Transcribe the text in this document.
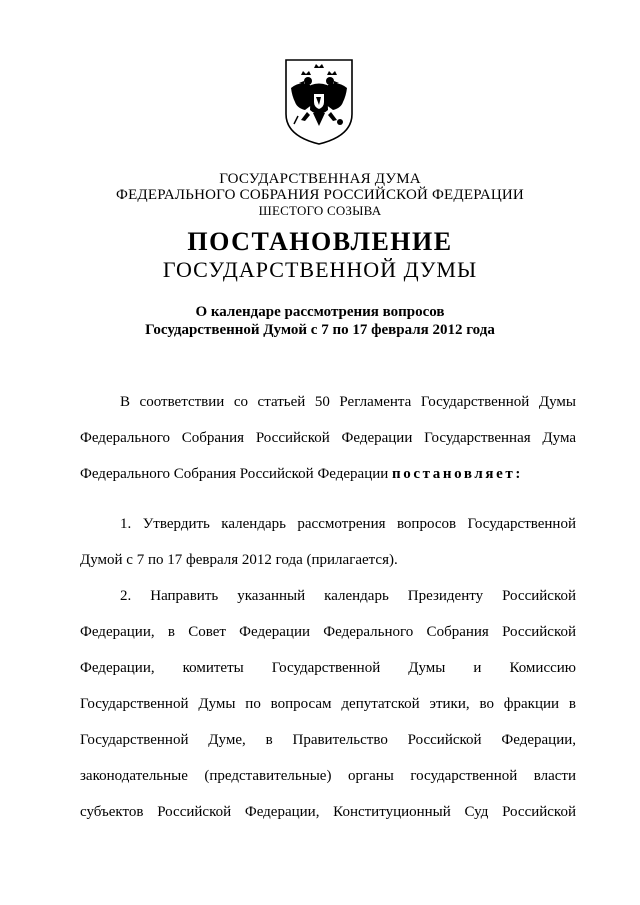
ГОСУДАРСТВЕННАЯ ДУМА
ФЕДЕРАЛЬНОГО СОБРАНИЯ РОССИЙСКОЙ ФЕДЕРАЦИИ
ШЕСТОГО СОЗЫВА
ПОСТАНОВЛЕНИЕ
ГОСУДАРСТВЕННОЙ ДУМЫ
О календаре рассмотрения вопросов
Государственной Думой с 7 по 17 февраля 2012 года
В соответствии со статьей 50 Регламента Государственной Думы
Федерального Собрания Российской Федерации Государственная Дума
Федерального Собрания Российской Федерации постановляет:
1. Утвердить календарь рассмотрения вопросов Государственной
Думой с 7 по 17 февраля 2012 года (прилагается).
2. Направить указанный календарь Президенту Российской
Федерации, в Совет Федерации Федерального Собрания Российской
Федерации, комитеты Государственной Думы и Комиссию
Государственной Думы по вопросам депутатской этики, во фракции в
Государственной Думе, в Правительство Российской Федерации,
законодательные (представительные) органы государственной власти
субъектов Российской Федерации, Конституционный Суд Российской
